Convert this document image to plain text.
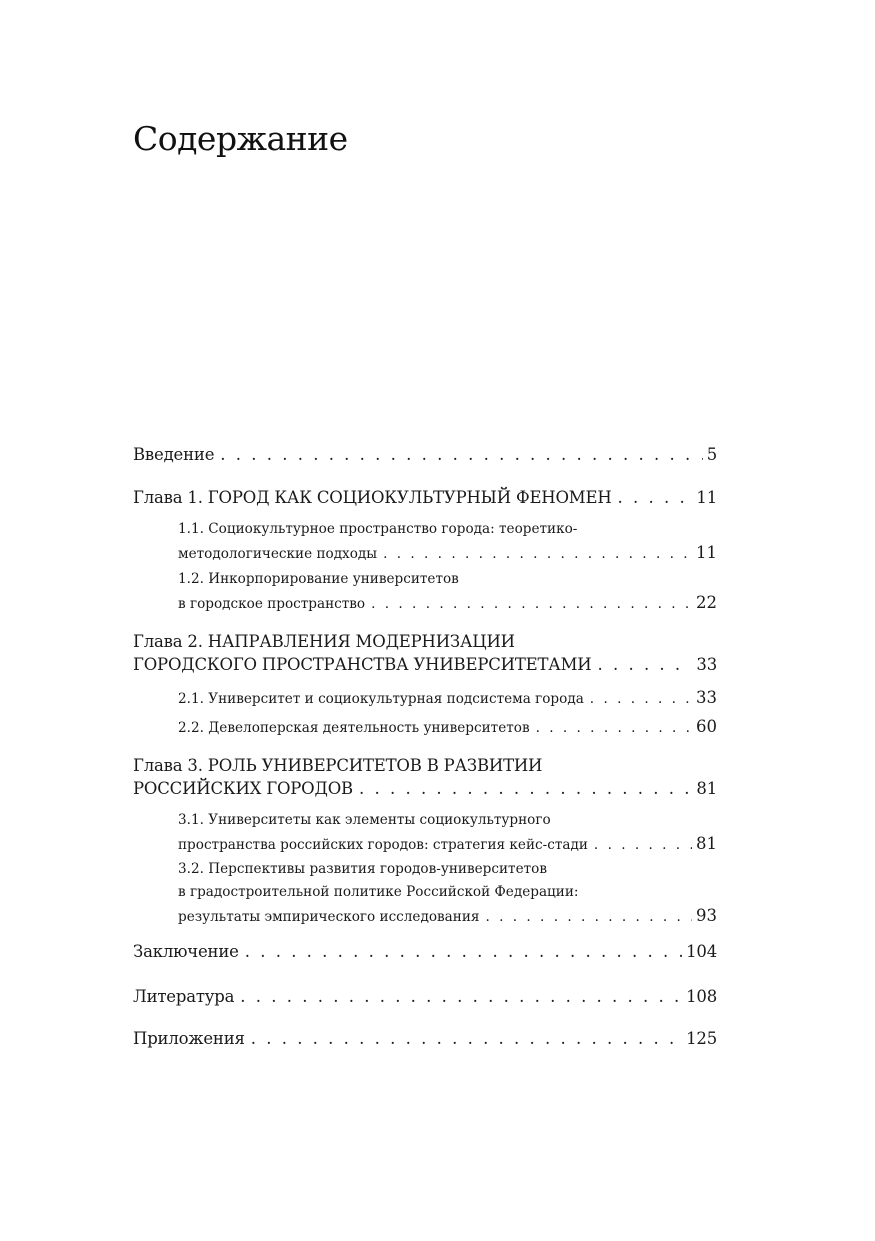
Содержание
Введение . . .	5
Глава 1. ГОРОД КАК СОЦИОКУЛЬТУРНЫЙ ФЕНОМЕН . . .	11
1.1. Социокультурное пространство города: теоретико-
методологические подходы . . .	11
1.2. Инкорпорирование университетов
в городское пространство . . .	22
Глава 2. НАПРАВЛЕНИЯ МОДЕРНИЗАЦИИ
ГОРОДСКОГО ПРОСТРАНСТВА УНИВЕРСИТЕТАМИ . . .	33
2.1. Университет и социокультурная подсистема города . . .	33
2.2. Девелоперская деятельность университетов . . .	60
Глава 3. РОЛЬ УНИВЕРСИТЕТОВ В РАЗВИТИИ
РОССИЙСКИХ ГОРОДОВ . . .	81
3.1. Университеты как элементы социокультурного
пространства российских городов: стратегия кейс-стади . . .	81
3.2. Перспективы развития городов-университетов
в градостроительной политике Российской Федерации:
результаты эмпирического исследования . . .	93
Заключение . . .	104
Литература . . .	108
Приложения . . .	125
